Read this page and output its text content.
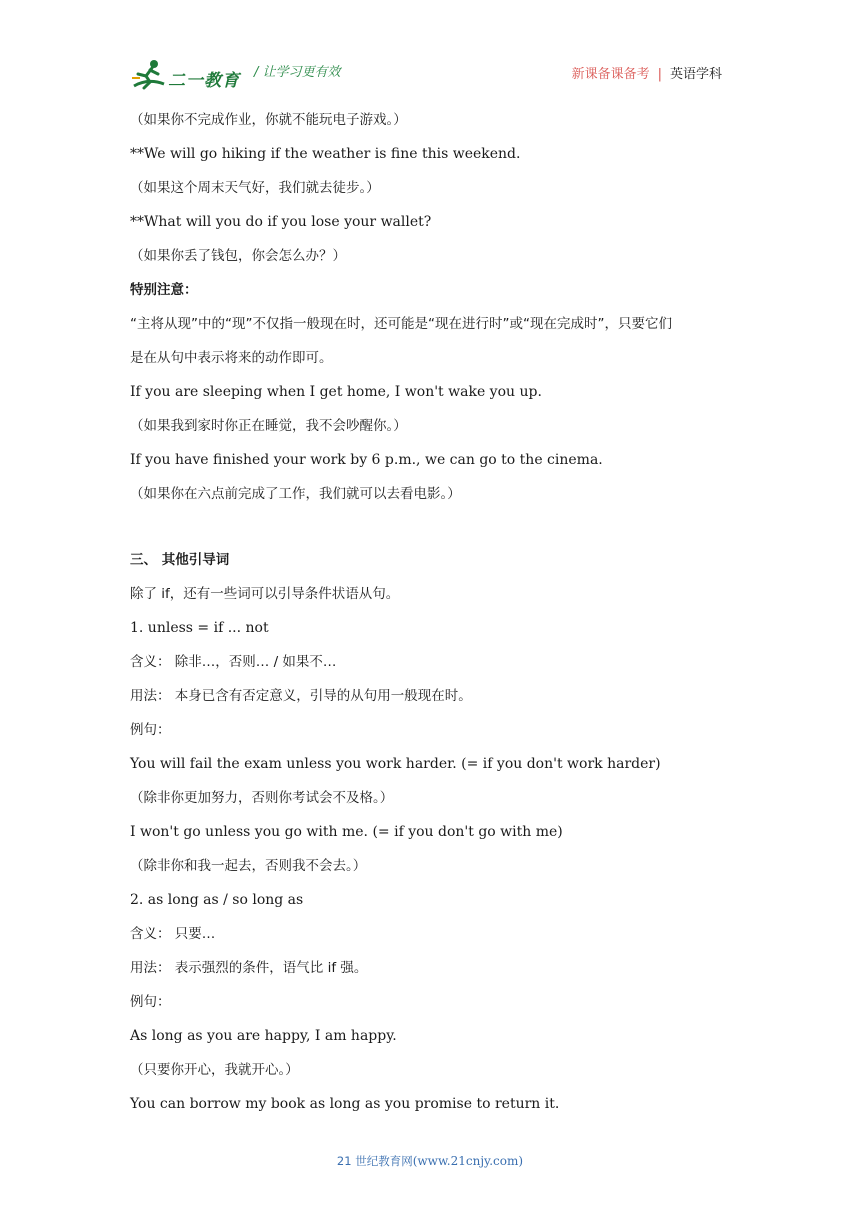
二一教育 / 让学习更有效	新课备课备考 | 英语学科
（如果你不完成作业，你就不能玩电子游戏。）
**We will go hiking if the weather is fine this weekend.
（如果这个周末天气好，我们就去徒步。）
**What will you do if you lose your wallet?
（如果你丢了钱包，你会怎么办？）
特别注意：
“主将从现”中的“现”不仅指一般现在时，还可能是“现在进行时”或“现在完成时”，只要它们
是在从句中表示将来的动作即可。
If you are sleeping when I get home, I won't wake you up.
（如果我到家时你正在睡觉，我不会吵醒你。）
If you have finished your work by 6 p.m., we can go to the cinema.
（如果你在六点前完成了工作，我们就可以去看电影。）
三、 其他引导词
除了 if，还有一些词可以引导条件状语从句。
1. unless = if ... not
含义： 除非…，否则… / 如果不…
用法： 本身已含有否定意义，引导的从句用一般现在时。
例句：
You will fail the exam unless you work harder. (= if you don't work harder)
（除非你更加努力，否则你考试会不及格。）
I won't go unless you go with me. (= if you don't go with me)
（除非你和我一起去，否则我不会去。）
2. as long as / so long as
含义： 只要…
用法： 表示强烈的条件，语气比 if 强。
例句：
As long as you are happy, I am happy.
（只要你开心，我就开心。）
You can borrow my book as long as you promise to return it.
21 世纪教育网(www.21cnjy.com)
